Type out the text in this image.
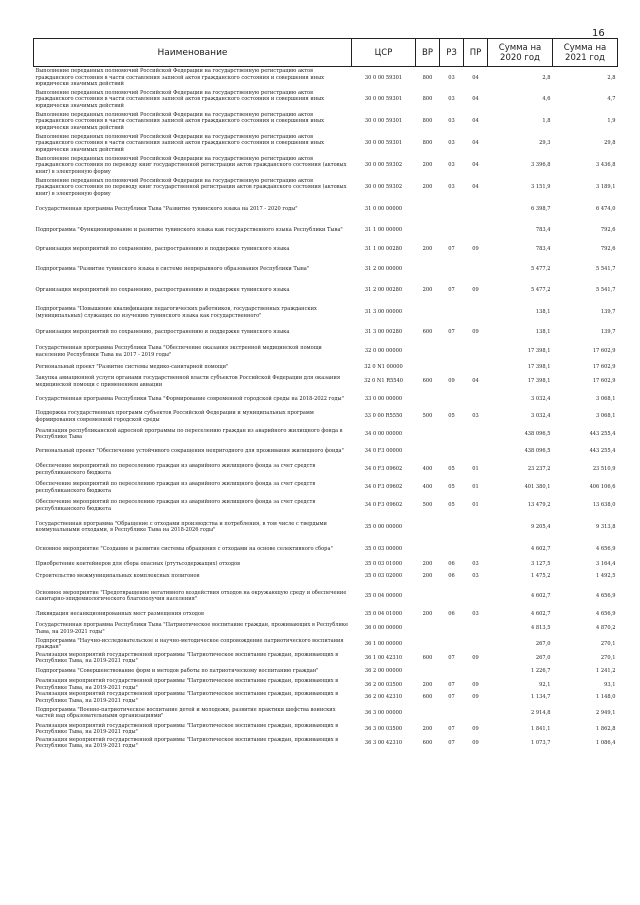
16
Наименование	ЦСР	ВР	РЗ	ПР	Сумма на 2020 год	Сумма на 2021 год
Выполнение переданных полномочий Российской Федерации на государственную регистрацию актов гражданского состояния в части составления записей актов гражданского состояния и совершения иных юридически значимых действий	30 0 00 59301	800	03	04	2,8	2,8
Выполнение переданных полномочий Российской Федерации на государственную регистрацию актов гражданского состояния в части составления записей актов гражданского состояния и совершения иных юридически значимых действий	30 0 00 59301	800	03	04	4,6	4,7
Выполнение переданных полномочий Российской Федерации на государственную регистрацию актов гражданского состояния в части составления записей актов гражданского состояния и совершения иных юридически значимых действий	30 0 00 59301	800	03	04	1,8	1,9
Выполнение переданных полномочий Российской Федерации на государственную регистрацию актов гражданского состояния в части составления записей актов гражданского состояния и совершения иных юридически значимых действий	30 0 00 59301	800	03	04	29,3	29,8
Выполнение переданных полномочий Российской Федерации на государственную регистрацию актов гражданского состояния по переводу книг государственной регистрации актов гражданского состояния (актовых книг) в электронную форму	30 0 00 59302	200	03	04	3 396,8	3 436,8
Выполнение переданных полномочий Российской Федерации на государственную регистрацию актов гражданского состояния по переводу книг государственной регистрации актов гражданского состояния (актовых книг) в электронную форму	30 0 00 59302	200	03	04	3 151,9	3 189,1
Государственная программа Республики Тыва "Развитие тувинского языка на 2017 - 2020 годы"	31 0 00 00000				6 398,7	6 474,0
Подпрограмма "Функционирование и развитие тувинского языка как государственного языка Республики Тыва"	31 1 00 00000				783,4	792,6
Организация мероприятий по сохранению, распространению и поддержке тувинского языка	31 1 00 00280	200	07	09	783,4	792,6
Подпрограмма "Развитие тувинского языка в системе непрерывного образования Республики Тыва"	31 2 00 00000				5 477,2	5 541,7
Организация мероприятий по сохранению, распространению и поддержке тувинского языка	31 2 00 00280	200	07	09	5 477,2	5 541,7
Подпрограмма "Повышение квалификации педагогических работников, государственных гражданских (муниципальных) служащих по изучению тувинского языка как государственного"	31 3 00 00000				138,1	139,7
Организация мероприятий по сохранению, распространению и поддержке тувинского языка	31 3 00 00280	600	07	09	138,1	139,7
Государственная программа Республики Тыва "Обеспечение оказания экстренной медицинской помощи населению Республики Тыва на 2017 - 2019 годы"	32 0 00 00000				17 398,1	17 602,9
Региональный проект "Развитие системы медико-санитарной помощи"	32 0 N1 00000				17 398,1	17 602,9
Закупка авиационной услуги органами государственной власти субъектов Российской Федерации для оказания медицинской помощи с применением авиации	32 0 N1 R5540	600	09	04	17 398,1	17 602,9
Государственная программа Республики Тыва "Формирование современной городской среды на 2018-2022 годы"	33 0 00 00000				3 032,4	3 068,1
Поддержка государственных программ субъектов Российской Федерации и муниципальных программ формирования современной городской среды	33 0 00 R5550	500	05	03	3 032,4	3 068,1
Реализация республиканской адресной программы по переселению граждан из аварийного жилищного фонда в Республике Тыва	34 0 00 00000				438 096,5	443 255,4
Региональный проект "Обеспечение устойчивого сокращения непригодного для проживания жилищного фонда"	34 0 F3 00000				438 096,5	443 255,4
Обеспечение мероприятий по переселению граждан из аварийного жилищного фонда за счет средств республиканского бюджета	34 0 F3 09602	400	05	01	23 237,2	23 510,9
Обеспечение мероприятий по переселению граждан из аварийного жилищного фонда за счет средств республиканского бюджета	34 0 F3 09602	400	05	01	401 380,1	406 106,6
Обеспечение мероприятий по переселению граждан из аварийного жилищного фонда за счет средств республиканского бюджета	34 0 F3 09602	500	05	01	13 479,2	13 638,0
Государственная программа "Обращение с отходами производства и потребления, в том числе с твердыми коммунальными отходами, в Республике Тыва на 2018-2026 годы"	35 0 00 00000				9 205,4	9 313,8
Основное мероприятие "Создание и развитие системы обращения с отходами на основе селективного сбора"	35 0 03 00000				4 602,7	4 656,9
Приобретение контейнеров для сбора опасных (ртутьсодержащих) отходов	35 0 03 01000	200	06	03	3 127,5	3 164,4
Строительство межмуниципальных комплексных полигонов	35 0 03 02000	200	06	03	1 475,2	1 492,5
Основное мероприятие "Предотвращение негативного воздействия отходов на окружающую среду и обеспечение санитарно-эпидемиологического благополучия населения"	35 0 04 00000				4 602,7	4 656,9
Ликвидация несанкционированных мест размещения отходов	35 0 04 01000	200	06	03	4 602,7	4 656,9
Государственная программа Республики Тыва "Патриотическое воспитание граждан, проживающих в Республике Тыва, на 2019-2021 годы"	36 0 00 00000				4 813,5	4 870,2
Подпрограмма "Научно-исследовательское и научно-методическое сопровождение патриотического воспитания граждан"	36 1 00 00000				267,0	270,1
Реализация мероприятий государственной программы "Патриотическое воспитание граждан, проживающих в Республике Тыва, на 2019-2021 годы"	36 1 00 42310	600	07	09	267,0	270,1
Подпрограмма "Совершенствование форм и методов работы по патриотическому воспитанию граждан"	36 2 00 00000				1 226,7	1 241,2
Реализация мероприятий государственной программы "Патриотическое воспитание граждан, проживающих в Республике Тыва, на 2019-2021 годы"	36 2 00 03500	200	07	09	92,1	93,1
Реализация мероприятий государственной программы "Патриотическое воспитание граждан, проживающих в Республике Тыва, на 2019-2021 годы"	36 2 00 42310	600	07	09	1 134,7	1 148,0
Подпрограмма "Военно-патриотическое воспитание детей и молодежи, развитие практики шефства воинских частей над образовательными организациями"	36 3 00 00000				2 914,8	2 949,1
Реализация мероприятий государственной программы "Патриотическое воспитание граждан, проживающих в Республике Тыва, на 2019-2021 годы"	36 3 00 03500	200	07	09	1 841,1	1 862,8
Реализация мероприятий государственной программы "Патриотическое воспитание граждан, проживающих в Республике Тыва, на 2019-2021 годы"	36 3 00 42310	600	07	09	1 073,7	1 086,4
